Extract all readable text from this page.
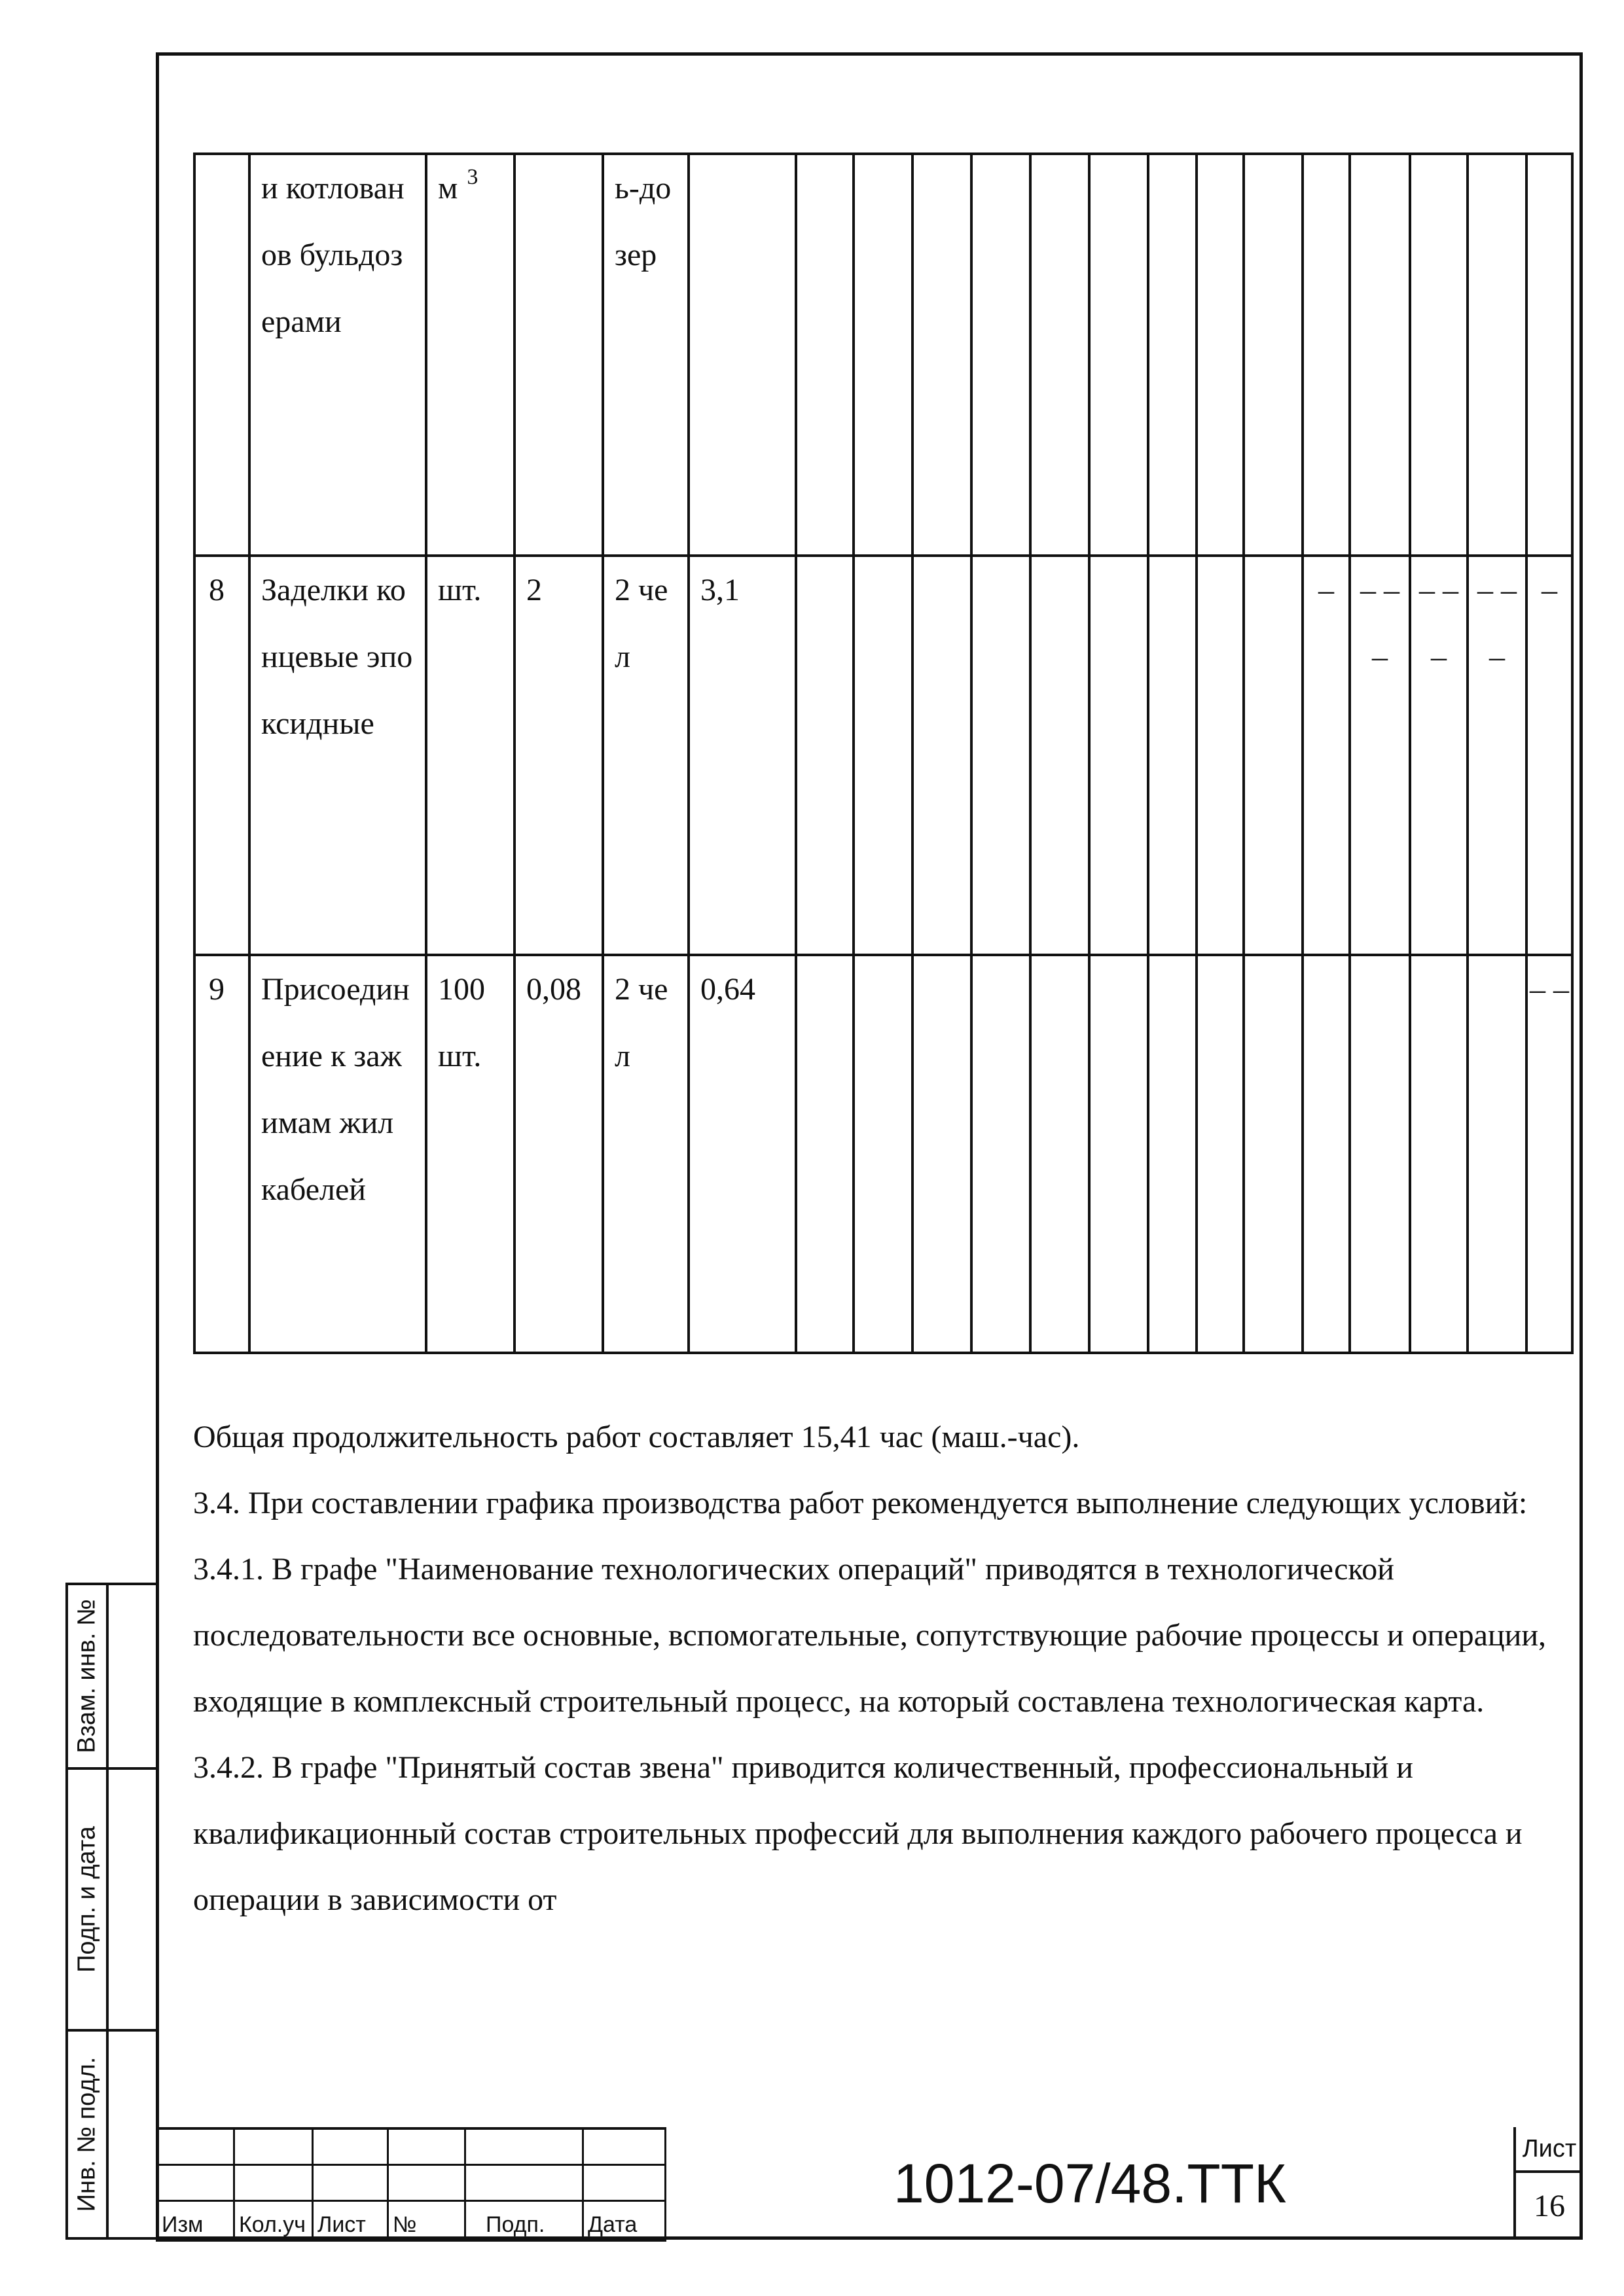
Взам. инв. №
Подп. и дата
Инв. № подл.
	и котлованов бульдозерами	м $^3$		ь-дозер															
8	Заделки концевые эпоксидные	шт.	2	2 чел	3,1										–	– – –	– – –	– – –	–
9	Присоединение к зажимам жил кабелей	100 шт.	0,08	2 чел	0,64														– –

Общая продолжительность работ составляет 15,41 час (маш.-час).

3.4. При составлении графика производства работ рекомендуется выполнение следующих условий:

3.4.1. В графе "Наименование технологических операций" приводятся в технологической последовательности все основные, вспомогательные, сопутствующие рабочие процессы и операции, входящие в комплексный строительный процесс, на который составлена технологическая карта.

3.4.2. В графе "Принятый состав звена" приводится количественный, профессиональный и квалификационный состав строительных профессий для выполнения каждого рабочего процесса и операции в зависимости от

Изм	Кол.уч	Лист	№	Подп.	Дата
1012-07/48.ТТК
Лист
16
